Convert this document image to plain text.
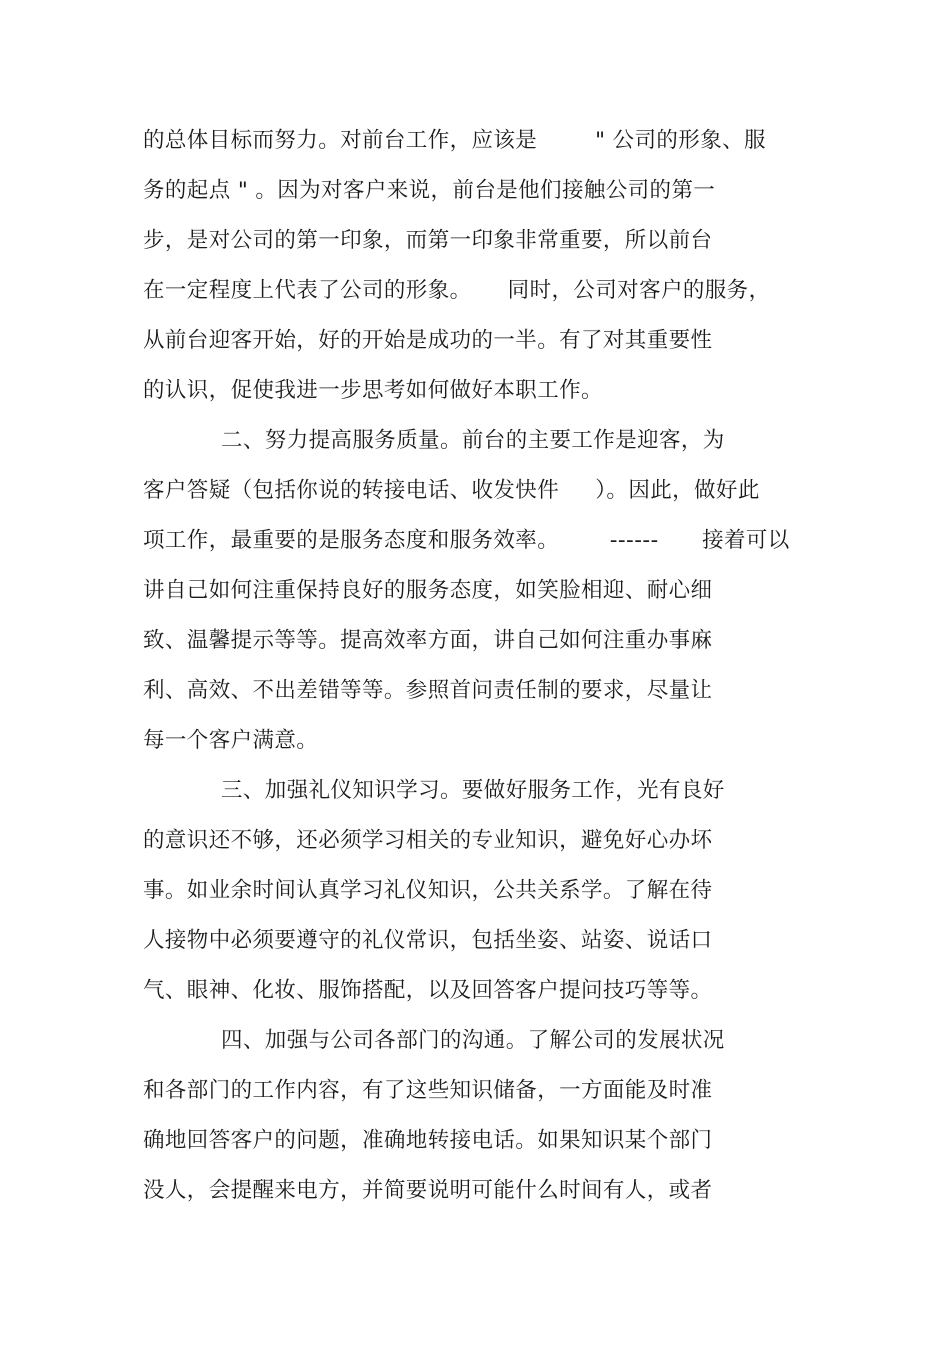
的总体目标而努力。对前台工作，应该是        " 公司的形象、服
务的起点 " 。因为对客户来说，前台是他们接触公司的第一
步，是对公司的第一印象，而第一印象非常重要，所以前台
在一定程度上代表了公司的形象。     同时，公司对客户的服务，
从前台迎客开始，好的开始是成功的一半。有了对其重要性
的认识，促使我进一步思考如何做好本职工作。
二、努力提高服务质量。前台的主要工作是迎客，为
客户答疑（包括你说的转接电话、收发快件     ）。因此，做好此
项工作，最重要的是服务态度和服务效率。       ------      接着可以
讲自己如何注重保持良好的服务态度，如笑脸相迎、耐心细
致、温馨提示等等。提高效率方面，讲自己如何注重办事麻
利、高效、不出差错等等。参照首问责任制的要求，尽量让
每一个客户满意。
三、加强礼仪知识学习。要做好服务工作，光有良好
的意识还不够，还必须学习相关的专业知识，避免好心办坏
事。如业余时间认真学习礼仪知识，公共关系学。了解在待
人接物中必须要遵守的礼仪常识，包括坐姿、站姿、说话口
气、眼神、化妆、服饰搭配，以及回答客户提问技巧等等。
四、加强与公司各部门的沟通。了解公司的发展状况
和各部门的工作内容，有了这些知识储备，一方面能及时准
确地回答客户的问题，准确地转接电话。如果知识某个部门
没人，会提醒来电方，并简要说明可能什么时间有人，或者
